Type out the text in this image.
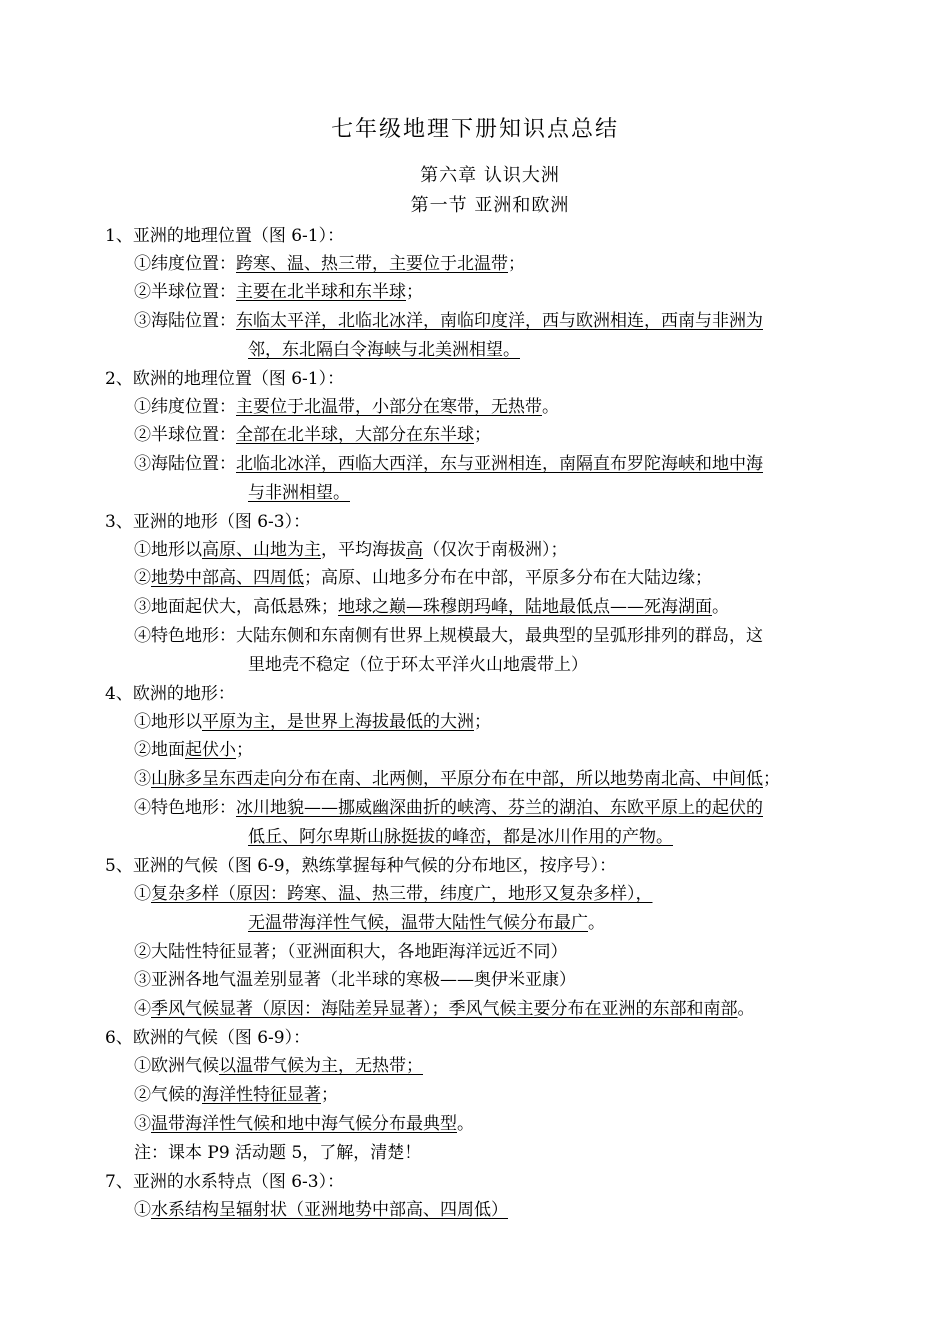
七年级地理下册知识点总结
第六章 认识大洲
第一节 亚洲和欧洲
1、亚洲的地理位置（图 6-1）：
①纬度位置：跨寒、温、热三带，主要位于北温带；
②半球位置：主要在北半球和东半球；
③海陆位置：东临太平洋，北临北冰洋，南临印度洋，西与欧洲相连，西南与非洲为
邻，东北隔白令海峡与北美洲相望。
2、欧洲的地理位置（图 6-1）：
①纬度位置：主要位于北温带，小部分在寒带，无热带。
②半球位置：全部在北半球，大部分在东半球；
③海陆位置：北临北冰洋，西临大西洋，东与亚洲相连，南隔直布罗陀海峡和地中海
与非洲相望。
3、亚洲的地形（图 6-3）：
①地形以高原、山地为主，平均海拔高（仅次于南极洲）；
②地势中部高、四周低；高原、山地多分布在中部，平原多分布在大陆边缘；
③地面起伏大，高低悬殊；地球之巅—珠穆朗玛峰，陆地最低点——死海湖面。
④特色地形：大陆东侧和东南侧有世界上规模最大，最典型的呈弧形排列的群岛，这
里地壳不稳定（位于环太平洋火山地震带上）
4、欧洲的地形：
①地形以平原为主，是世界上海拔最低的大洲；
②地面起伏小；
③山脉多呈东西走向分布在南、北两侧，平原分布在中部，所以地势南北高、中间低；
④特色地形：冰川地貌——挪威幽深曲折的峡湾、芬兰的湖泊、东欧平原上的起伏的
低丘、阿尔卑斯山脉挺拔的峰峦，都是冰川作用的产物。
5、亚洲的气候（图 6-9，熟练掌握每种气候的分布地区，按序号）：
①复杂多样（原因：跨寒、温、热三带，纬度广，地形又复杂多样），
无温带海洋性气候，温带大陆性气候分布最广。
②大陆性特征显著；（亚洲面积大，各地距海洋远近不同）
③亚洲各地气温差别显著（北半球的寒极——奥伊米亚康）
④季风气候显著（原因：海陆差异显著）；季风气候主要分布在亚洲的东部和南部。
6、欧洲的气候（图 6-9）：
①欧洲气候以温带气候为主，无热带；
②气候的海洋性特征显著；
③温带海洋性气候和地中海气候分布最典型。
注：课本 P9 活动题 5，了解，清楚！
7、亚洲的水系特点（图 6-3）：
①水系结构呈辐射状（亚洲地势中部高、四周低）
